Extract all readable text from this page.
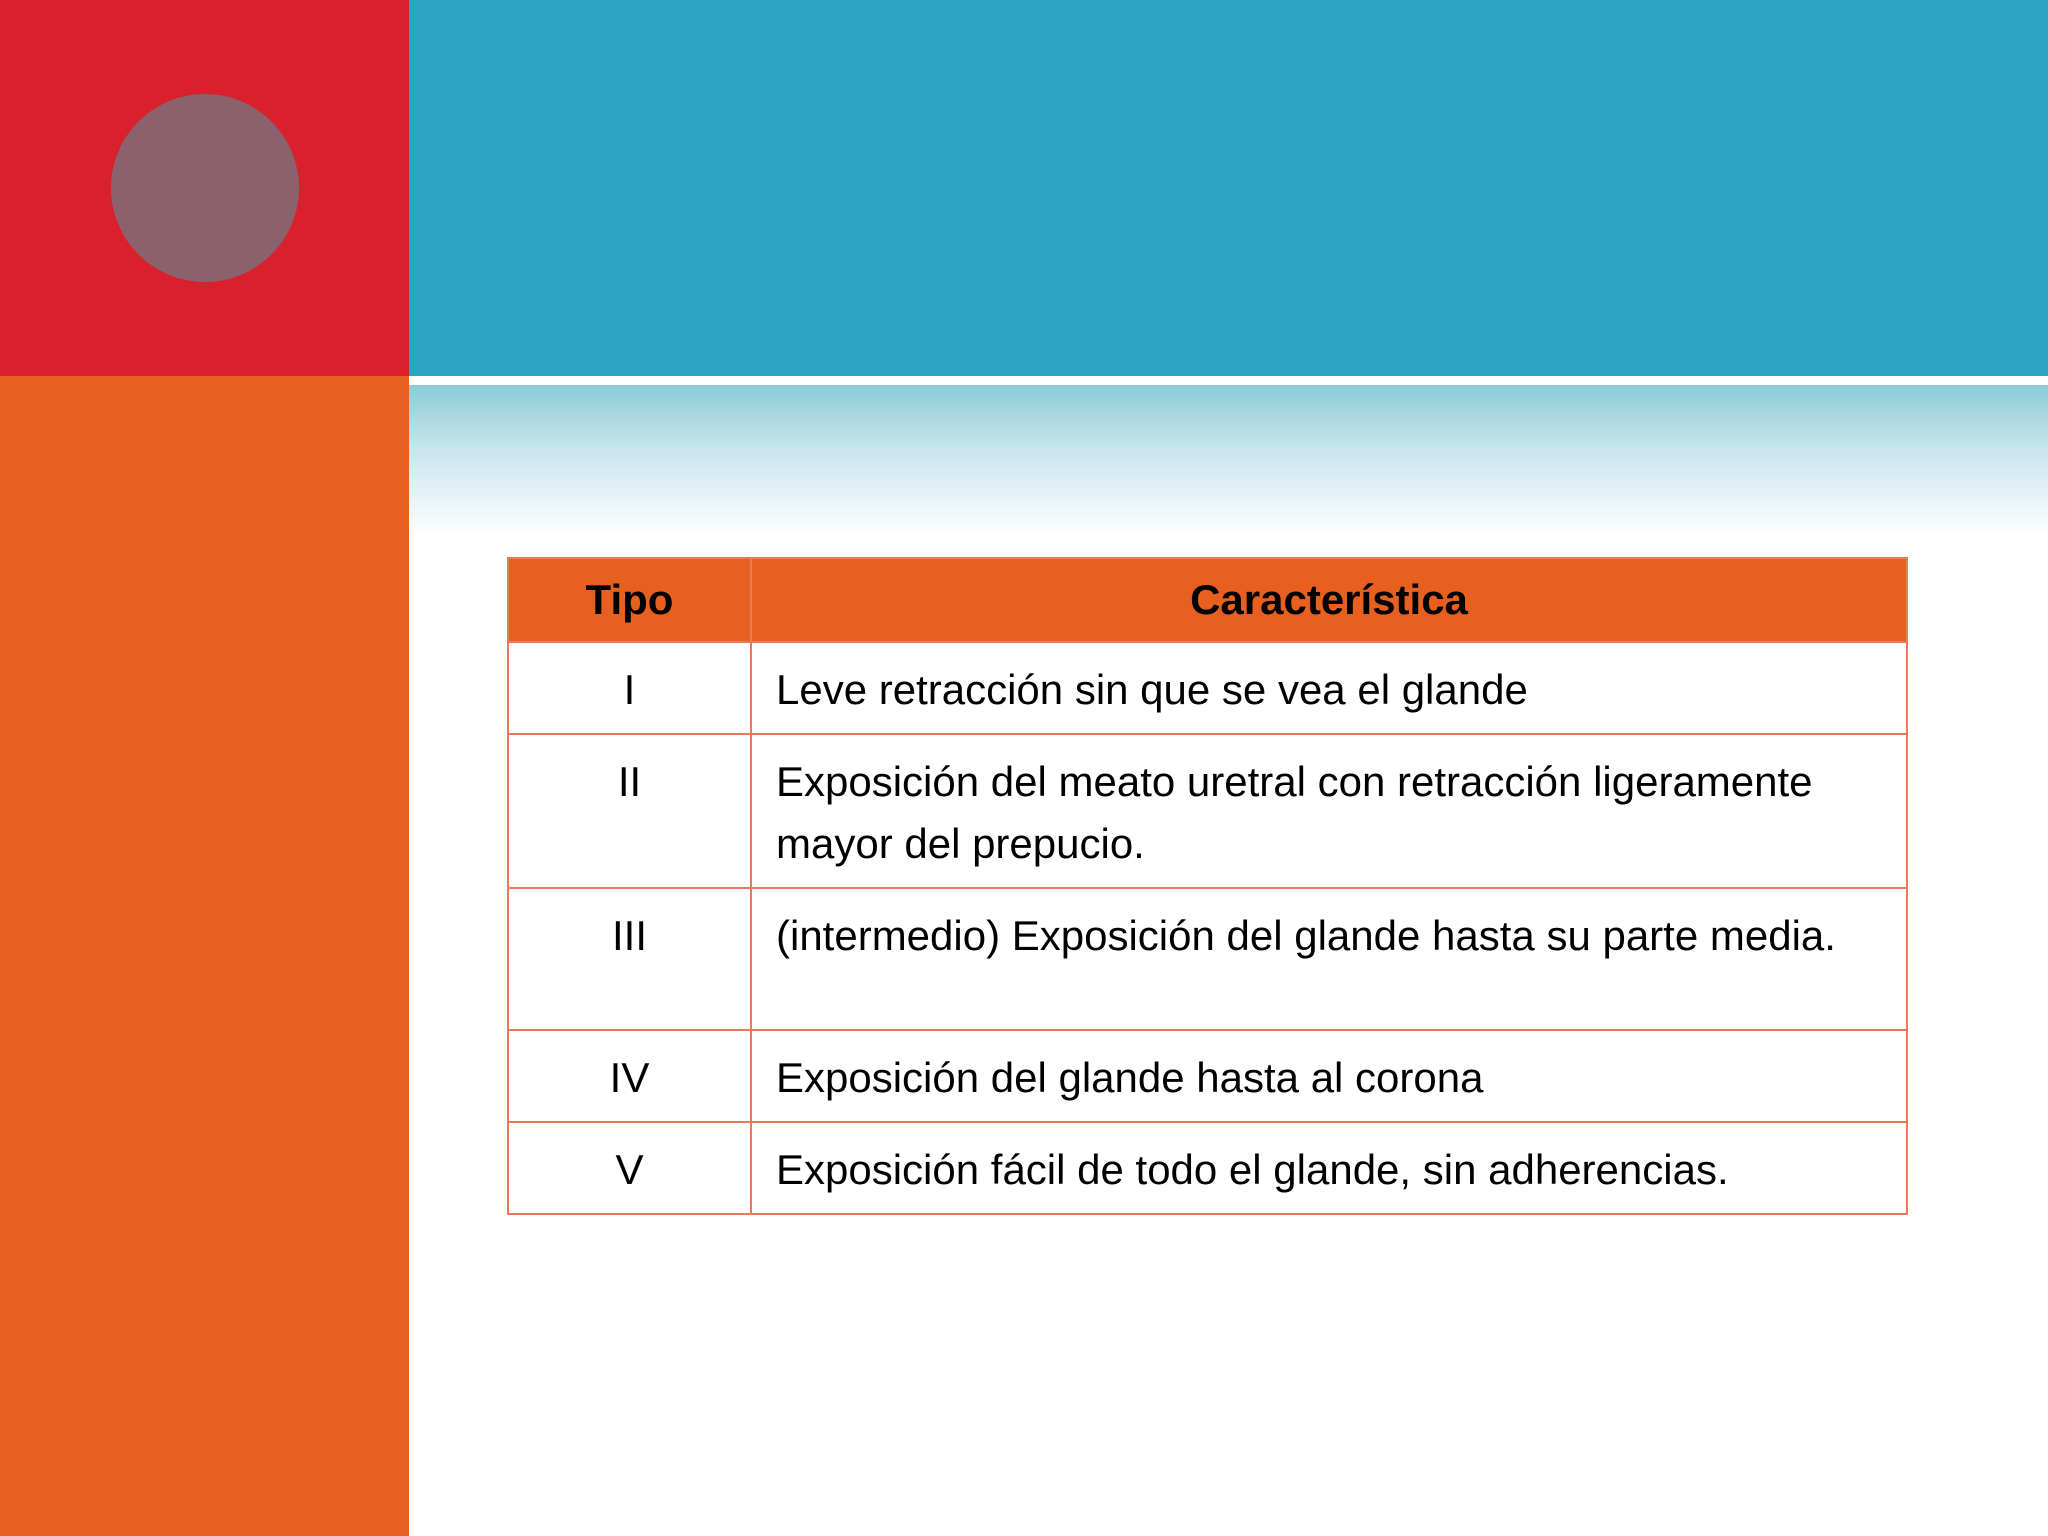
Tipo	Característica
I	Leve retracción sin que se vea el glande
II	Exposición del meato uretral con retracción ligeramente mayor del prepucio.
III	(intermedio) Exposición del glande hasta su parte media.
IV	Exposición del glande hasta al corona
V	Exposición fácil de todo el glande, sin adherencias.
